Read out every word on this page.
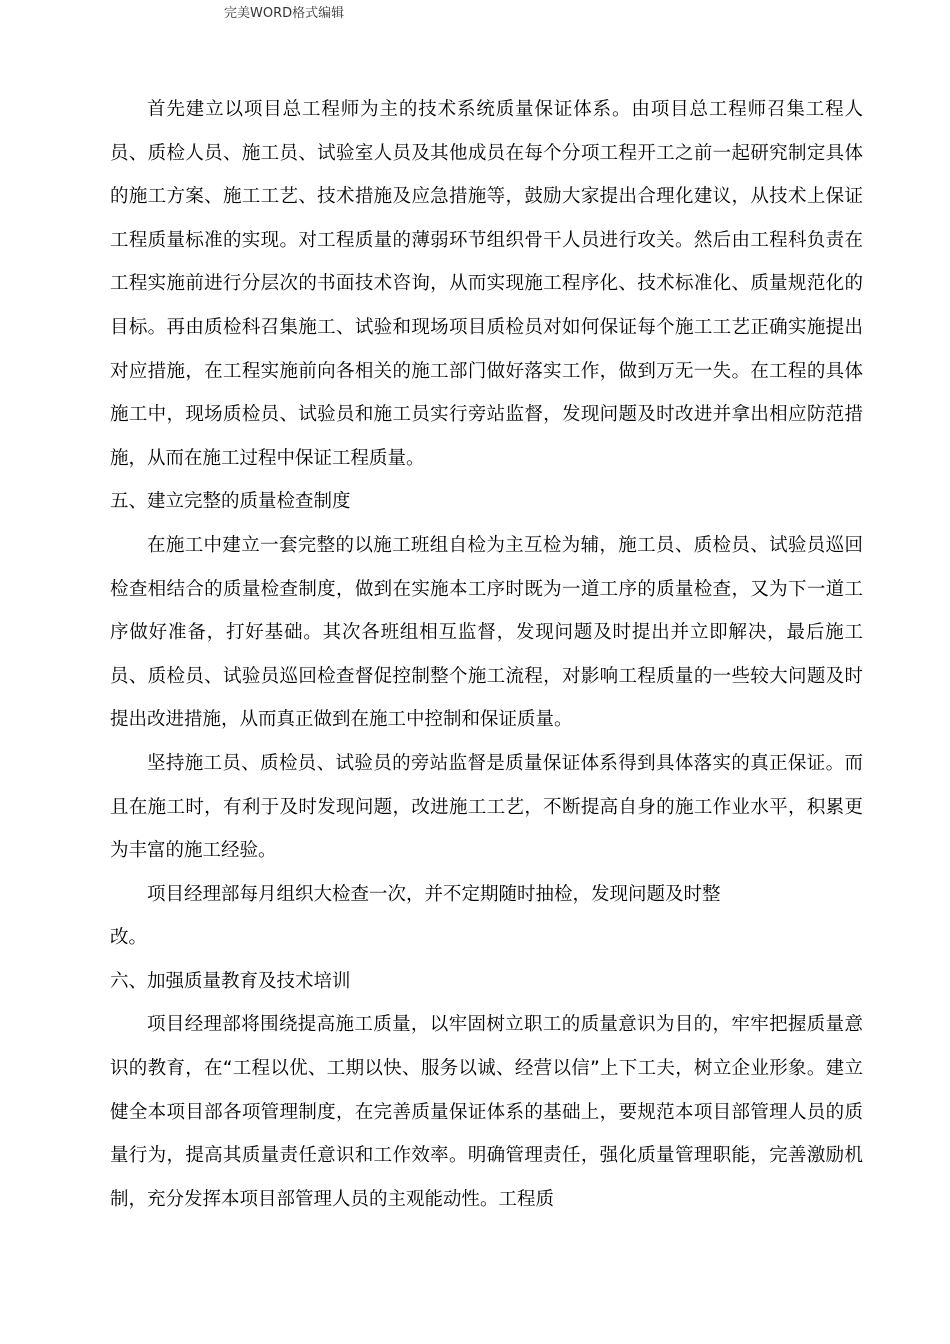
完美WORD格式编辑

首先建立以项目总工程师为主的技术系统质量保证体系。由项目总工程师召集工程人员、质检人员、施工员、试验室人员及其他成员在每个分项工程开工之前一起研究制定具体的施工方案、施工工艺、技术措施及应急措施等，鼓励大家提出合理化建议，从技术上保证工程质量标准的实现。对工程质量的薄弱环节组织骨干人员进行攻关。然后由工程科负责在工程实施前进行分层次的书面技术咨询，从而实现施工程序化、技术标准化、质量规范化的目标。再由质检科召集施工、试验和现场项目质检员对如何保证每个施工工艺正确实施提出对应措施，在工程实施前向各相关的施工部门做好落实工作，做到万无一失。在工程的具体施工中，现场质检员、试验员和施工员实行旁站监督，发现问题及时改进并拿出相应防范措施，从而在施工过程中保证工程质量。

五、建立完整的质量检查制度

在施工中建立一套完整的以施工班组自检为主互检为辅，施工员、质检员、试验员巡回检查相结合的质量检查制度，做到在实施本工序时既为一道工序的质量检查，又为下一道工序做好准备，打好基础。其次各班组相互监督，发现问题及时提出并立即解决，最后施工员、质检员、试验员巡回检查督促控制整个施工流程，对影响工程质量的一些较大问题及时提出改进措施，从而真正做到在施工中控制和保证质量。

坚持施工员、质检员、试验员的旁站监督是质量保证体系得到具体落实的真正保证。而且在施工时，有利于及时发现问题，改进施工工艺，不断提高自身的施工作业水平，积累更为丰富的施工经验。

项目经理部每月组织大检查一次，并不定期随时抽检，发现问题及时整

改。

六、加强质量教育及技术培训

项目经理部将围绕提高施工质量，以牢固树立职工的质量意识为目的，牢牢把握质量意识的教育，在“工程以优、工期以快、服务以诚、经营以信”上下工夫，树立企业形象。建立健全本项目部各项管理制度，在完善质量保证体系的基础上，要规范本项目部管理人员的质量行为，提高其质量责任意识和工作效率。明确管理责任，强化质量管理职能，完善激励机制，充分发挥本项目部管理人员的主观能动性。工程质
